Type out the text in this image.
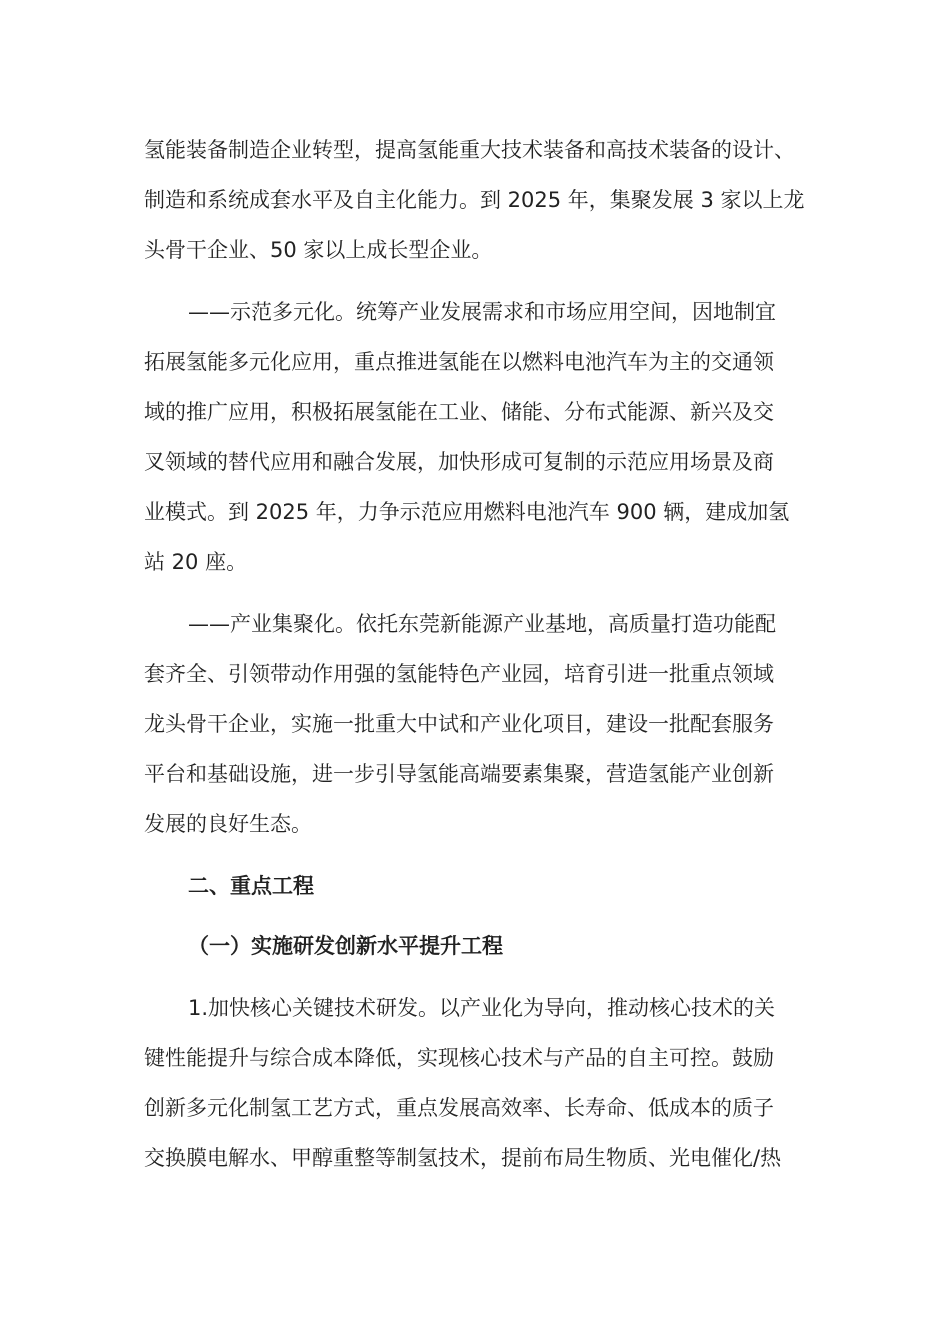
氢能装备制造企业转型，提高氢能重大技术装备和高技术装备的设计、
制造和系统成套水平及自主化能力。到 2025 年，集聚发展 3 家以上龙
头骨干企业、50 家以上成长型企业。
——示范多元化。统筹产业发展需求和市场应用空间，因地制宜
拓展氢能多元化应用，重点推进氢能在以燃料电池汽车为主的交通领
域的推广应用，积极拓展氢能在工业、储能、分布式能源、新兴及交
叉领域的替代应用和融合发展，加快形成可复制的示范应用场景及商
业模式。到 2025 年，力争示范应用燃料电池汽车 900 辆，建成加氢
站 20 座。
——产业集聚化。依托东莞新能源产业基地，高质量打造功能配
套齐全、引领带动作用强的氢能特色产业园，培育引进一批重点领域
龙头骨干企业，实施一批重大中试和产业化项目，建设一批配套服务
平台和基础设施，进一步引导氢能高端要素集聚，营造氢能产业创新
发展的良好生态。
二、重点工程
（一）实施研发创新水平提升工程
1.加快核心关键技术研发。以产业化为导向，推动核心技术的关
键性能提升与综合成本降低，实现核心技术与产品的自主可控。鼓励
创新多元化制氢工艺方式，重点发展高效率、长寿命、低成本的质子
交换膜电解水、甲醇重整等制氢技术，提前布局生物质、光电催化/热
